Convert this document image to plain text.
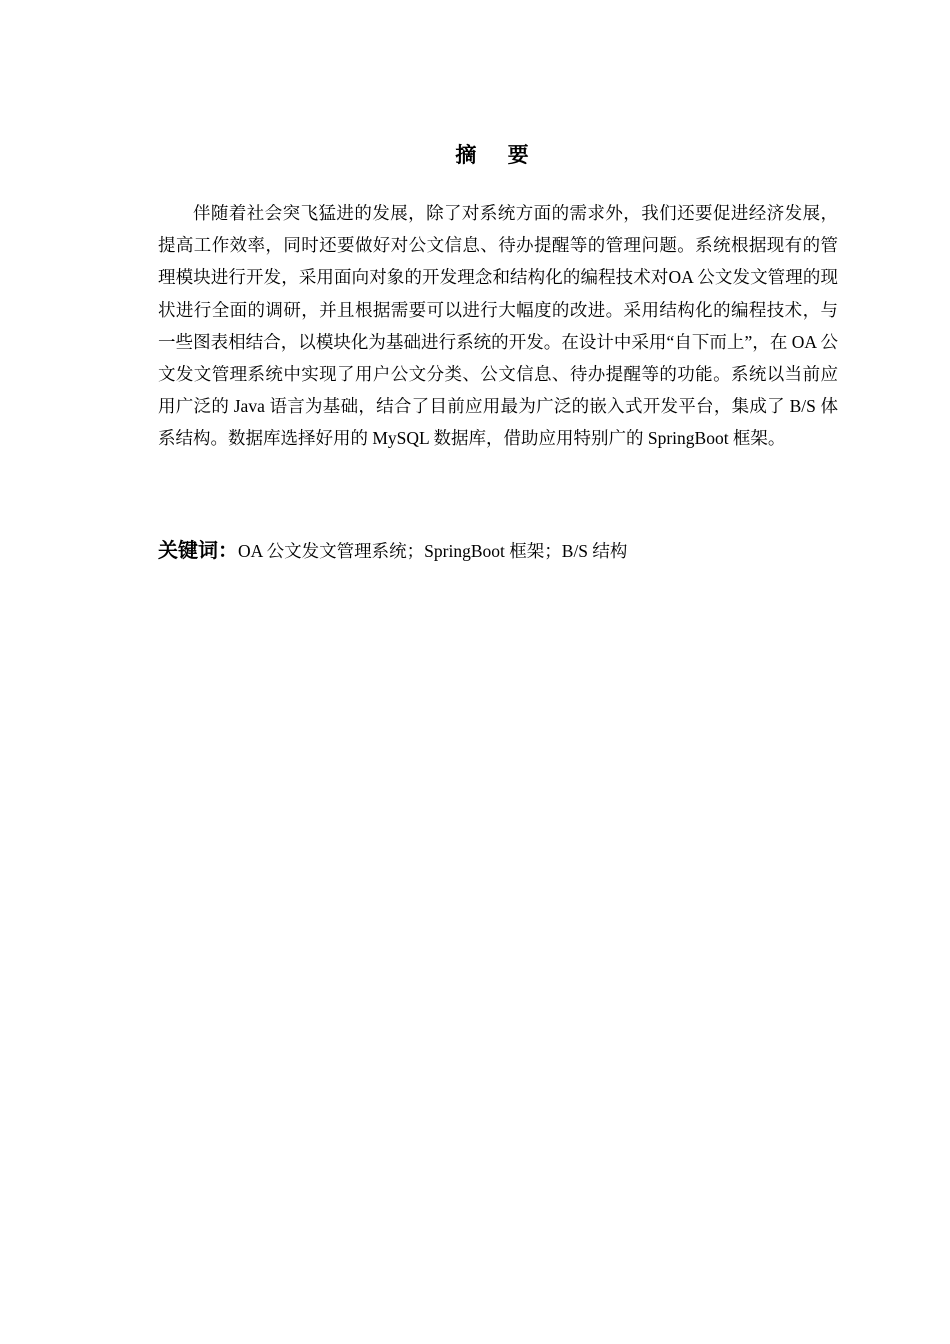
摘 要

伴随着社会突飞猛进的发展，除了对系统方面的需求外，我们还要促进经济发展，提高工作效率，同时还要做好对公文信息、待办提醒等的管理问题。系统根据现有的管理模块进行开发，采用面向对象的开发理念和结构化的编程技术对OA 公文发文管理的现状进行全面的调研，并且根据需要可以进行大幅度的改进。采用结构化的编程技术，与一些图表相结合，以模块化为基础进行系统的开发。在设计中采用“自下而上”，在 OA 公文发文管理系统中实现了用户公文分类、公文信息、待办提醒等的功能。系统以当前应用广泛的 Java 语言为基础，结合了目前应用最为广泛的嵌入式开发平台，集成了 B/S 体系结构。数据库选择好用的 MySQL 数据库，借助应用特别广的 SpringBoot 框架。

关键词：OA 公文发文管理系统；SpringBoot 框架；B/S 结构
